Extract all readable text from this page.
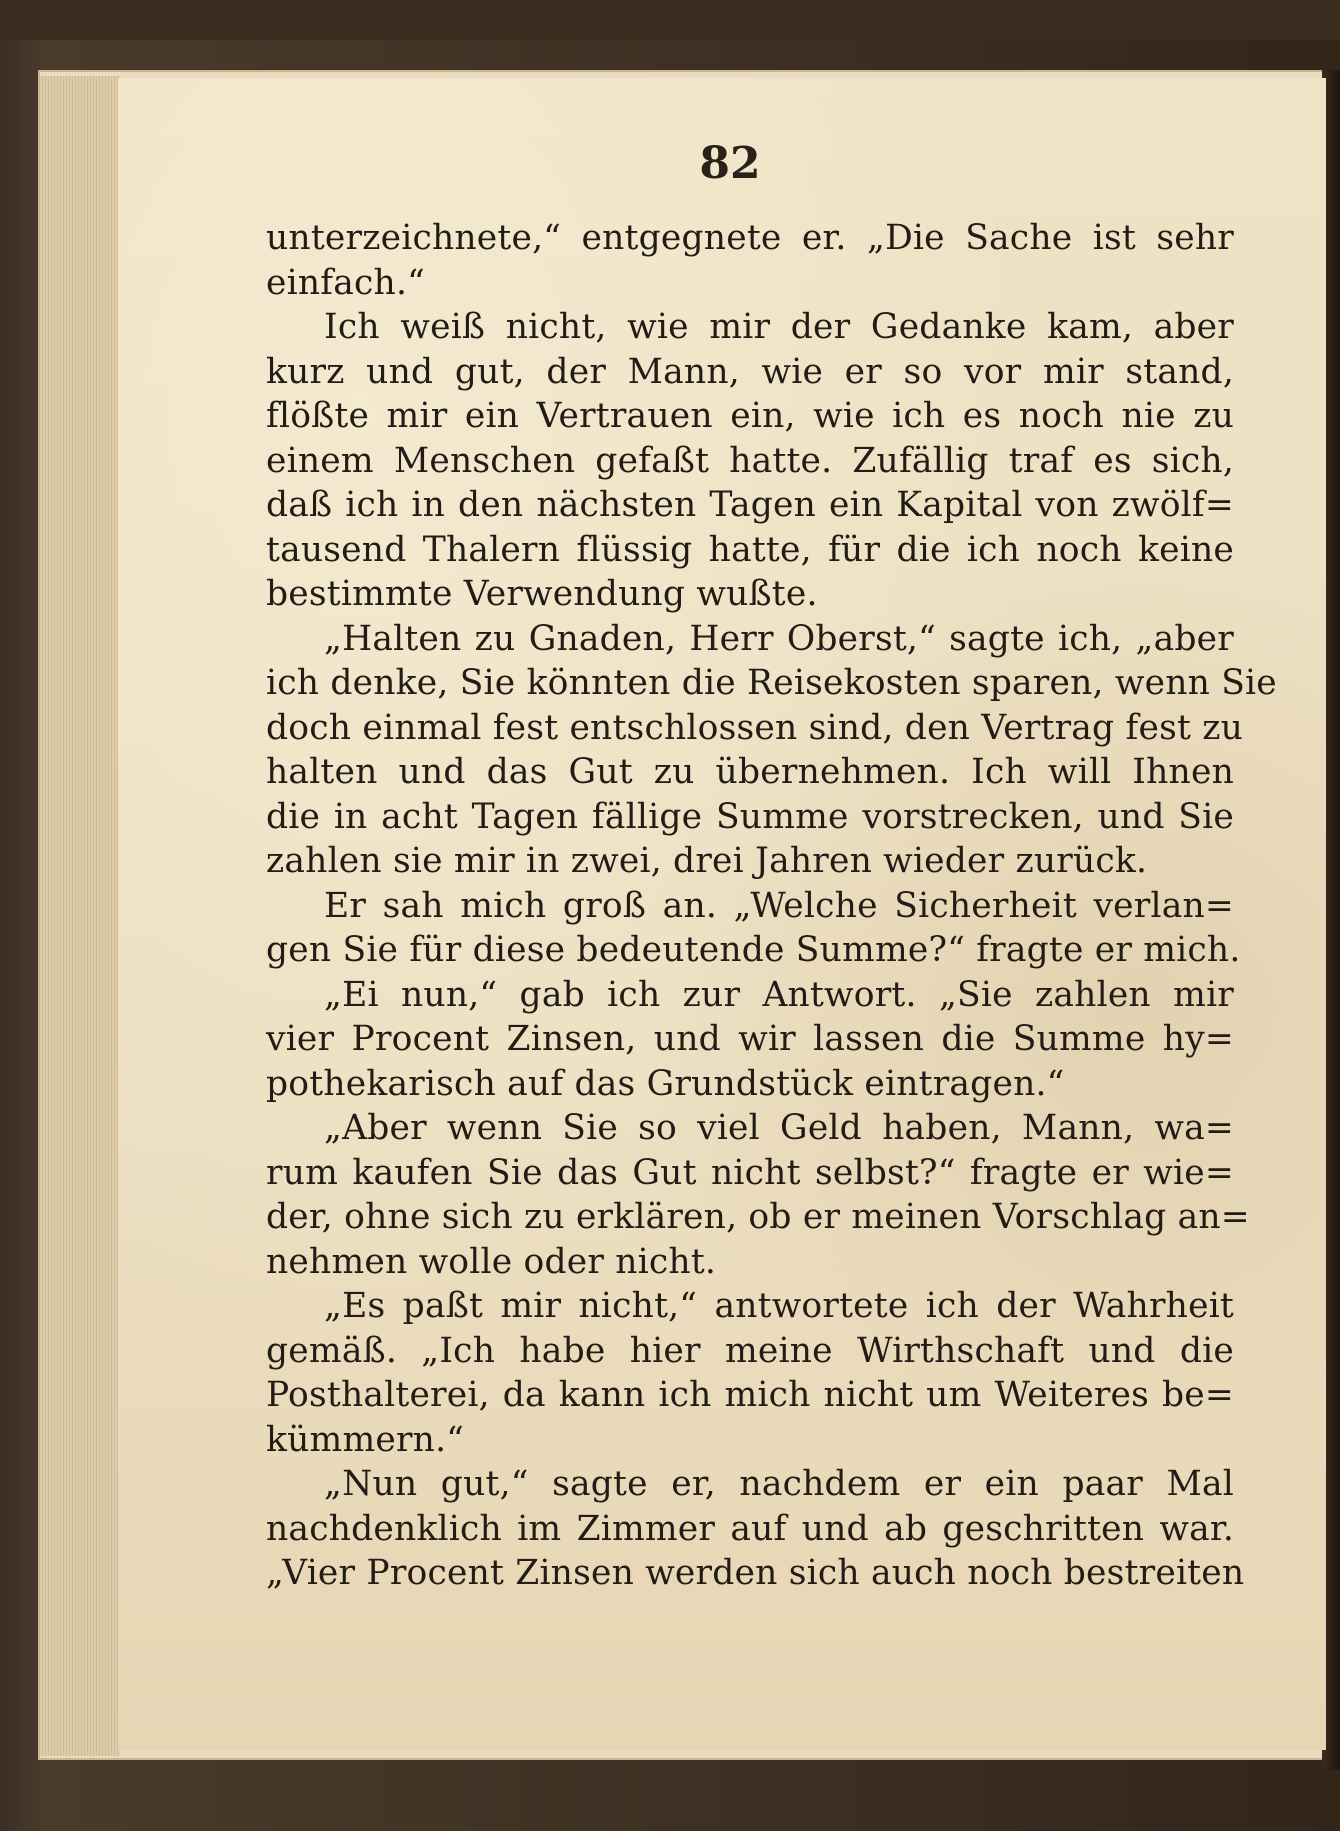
82
unterzeichnete,“ entgegnete er. „Die Sache ist sehr
einfach.“
Ich weiß nicht, wie mir der Gedanke kam, aber
kurz und gut, der Mann, wie er so vor mir stand,
flößte mir ein Vertrauen ein, wie ich es noch nie zu
einem Menschen gefaßt hatte. Zufällig traf es sich,
daß ich in den nächsten Tagen ein Kapital von zwölf=
tausend Thalern flüssig hatte, für die ich noch keine
bestimmte Verwendung wußte.
„Halten zu Gnaden, Herr Oberst,“ sagte ich, „aber
ich denke, Sie könnten die Reisekosten sparen, wenn Sie
doch einmal fest entschlossen sind, den Vertrag fest zu
halten und das Gut zu übernehmen. Ich will Ihnen
die in acht Tagen fällige Summe vorstrecken, und Sie
zahlen sie mir in zwei, drei Jahren wieder zurück.
Er sah mich groß an. „Welche Sicherheit verlan=
gen Sie für diese bedeutende Summe?“ fragte er mich.
„Ei nun,“ gab ich zur Antwort. „Sie zahlen mir
vier Procent Zinsen, und wir lassen die Summe hy=
pothekarisch auf das Grundstück eintragen.“
„Aber wenn Sie so viel Geld haben, Mann, wa=
rum kaufen Sie das Gut nicht selbst?“ fragte er wie=
der, ohne sich zu erklären, ob er meinen Vorschlag an=
nehmen wolle oder nicht.
„Es paßt mir nicht,“ antwortete ich der Wahrheit
gemäß. „Ich habe hier meine Wirthschaft und die
Posthalterei, da kann ich mich nicht um Weiteres be=
kümmern.“
„Nun gut,“ sagte er, nachdem er ein paar Mal
nachdenklich im Zimmer auf und ab geschritten war.
„Vier Procent Zinsen werden sich auch noch bestreiten
